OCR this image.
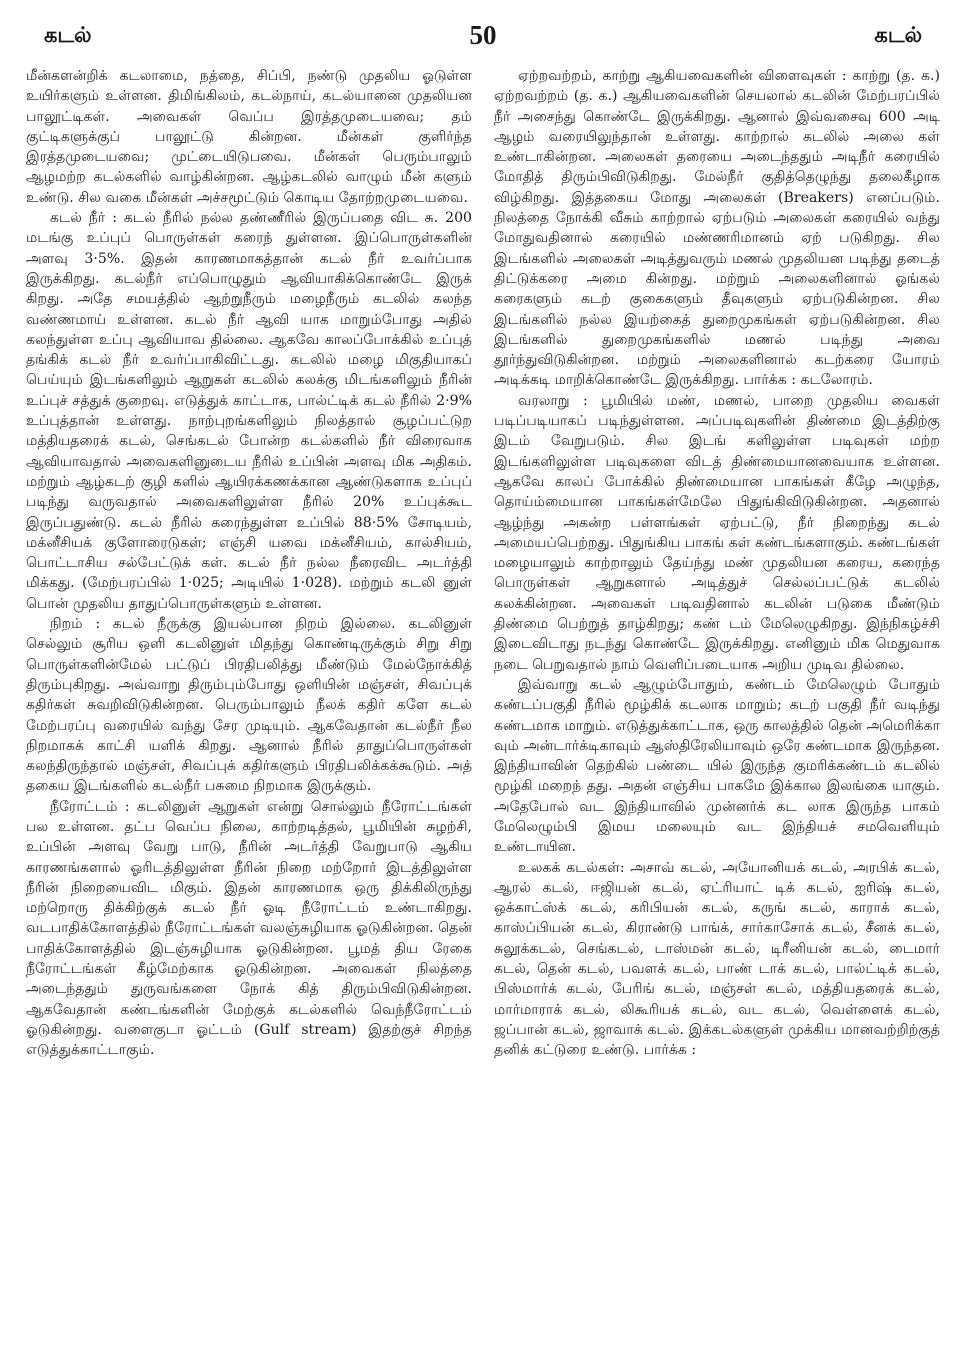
கடல்	50	கடல்

மீன்களன்றிக் கடலாமை, நத்தை, சிப்பி, நண்டு முதலிய ஓடுள்ள உயிர்களும் உள்ளன. திமிங்கிலம், கடல்நாய், கடல்யானை முதலியன பாலூட்டிகள். அவைகள் வெப்ப இரத்தமுடையவை; தம் குட்டிகளுக்குப் பாலூட்டு கின்றன. மீன்கள் குளிர்ந்த இரத்தமுடையவை; முட்டையிடுபவை. மீன்கள் பெரும்பாலும் ஆழமற்ற கடல்களில் வாழ்கின்றன. ஆழ்கடலில் வாழும் மீன் களும் உண்டு. சில வகை மீன்கள் அச்சமூட்டும் கொடிய தோற்றமுடையவை.

கடல் நீர் : கடல் நீரில் நல்ல தண்ணீரில் இருப்பதை விட சு. 200 மடங்கு உப்புப் பொருள்கள் கரைந் துள்ளன. இப்பொருள்களின் அளவு 3·5%. இதன் காரணமாகத்தான் கடல் நீர் உவர்ப்பாக இருக்கிறது. கடல்நீர் எப்பொழுதும் ஆவியாகிக்கொண்டே இருக் கிறது. அதே சமயத்தில் ஆற்றுநீரும் மழைநீரும் கடலில் கலந்த வண்ணமாய் உள்ளன. கடல் நீர் ஆவி யாக மாறும்போது அதில் கலந்துள்ள உப்பு ஆவியாவ தில்லை. ஆகவே காலப்போக்கில் உப்புத் தங்கிக் கடல் நீர் உவர்ப்பாகிவிட்டது. கடலில் மழை மிகுதியாகப் பெய்யும் இடங்களிலும் ஆறுகள் கடலில் கலக்கு மிடங்களிலும் நீரின் உப்புச் சத்துக் குறைவு. எடுத்துக் காட்டாக, பால்ட்டிக் கடல் நீரில் 2·9% உப்புத்தான் உள்ளது. நாற்புறங்களிலும் நிலத்தால் சூழப்பட்டுற மத்தியதரைக் கடல், செங்கடல் போன்ற கடல்களில் நீர் விரைவாக ஆவியாவதால் அவைகளினுடைய நீரில் உப்பின் அளவு மிக அதிகம். மற்றும் ஆழ்கடற் குழி களில் ஆயிரக்கணக்கான ஆண்டுகளாக உப்புப் படிந்து வருவதால் அவைகளிலுள்ள நீரில் 20% உப்புக்கூட இருப்பதுண்டு. கடல் நீரில் கரைந்துள்ள உப்பில் 88·5% சோடியம், மக்னீசியக் குளோரைடுகள்; எஞ்சி யவை மக்னீசியம், கால்சியம், பொட்டாசிய சல்பேட்டுக் கள். கடல் நீர் நல்ல நீரைவிட அடர்த்தி மிக்கது. (மேற்பரப்பில் 1·025; அடியில் 1·028). மற்றும் கடலி னுள் பொன் முதலிய தாதுப்பொருள்களும் உள்ளன.

நிறம் : கடல் நீருக்கு இயல்பான நிறம் இல்லை. கடலினுள் செல்லும் சூரிய ஒளி கடலினுள் மிதந்து கொண்டிருக்கும் சிறு சிறு பொருள்களின்மேல் பட்டுப் பிரதிபலித்து மீண்டும் மேல்நோக்கித் திரும்புகிறது. அவ்வாறு திரும்பும்போது ஒளியின் மஞ்சள், சிவப்புக் கதிர்கள் சுவறிவிடுகின்றன. பெரும்பாலும் நீலக் கதிர் களே கடல் மேற்பரப்பு வரையில் வந்து சேர முடியும். ஆகவேதான் கடல்நீர் நீல நிறமாகக் காட்சி யளிக் கிறது. ஆனால் நீரில் தாதுப்பொருள்கள் கலந்திருந்தால் மஞ்சள், சிவப்புக் கதிர்களும் பிரதிபலிக்கக்கூடும். அத் தகைய இடங்களில் கடல்நீர் பசுமை நிறமாக இருக்கும்.

நீரோட்டம் : கடலினுள் ஆறுகள் என்று சொல்லும் நீரோட்டங்கள் பல உள்ளன. தட்ப வெப்ப நிலை, காற்றடித்தல், பூமியின் சுழற்சி, உப்பின் அளவு வேறு பாடு, நீரின் அடர்த்தி வேறுபாடு ஆகிய காரணங்களால் ஓரிடத்திலுள்ள நீரின் நிறை மற்றோர் இடத்திலுள்ள நீரின் நிறையைவிட மிகும். இதன் காரணமாக ஒரு திக்கிலிருந்து மற்றொரு திக்கிற்குக் கடல் நீர் ஓடி நீரோட்டம் உண்டாகிறது. வடபாதிக்கோளத்தில் நீரோட்டங்கள் வலஞ்சுழியாக ஓடுகின்றன. தென் பாதிக்கோளத்தில் இடஞ்சுழியாக ஓடுகின்றன. பூமத் திய ரேகை நீரோட்டங்கள் கீழ்மேற்காக ஓடுகின்றன. அவைகள் நிலத்தை அடைந்ததும் துருவங்களை நோக் கித் திரும்பிவிடுகின்றன. ஆகவேதான் கண்டங்களின் மேற்குக் கடல்களில் வெந்நீரோட்டம் ஓடுகின்றது. வளைகுடா ஓட்டம் (Gulf stream) இதற்குச் சிறந்த எடுத்துக்காட்டாகும்.

ஏற்றவற்றம், காற்று ஆகியவைகளின் விளைவுகள் : காற்று (த. க.) ஏற்றவற்றம் (த. க.) ஆகியவைகளின் செயலால் கடலின் மேற்பரப்பில் நீர் அசைந்து கொண்டே இருக்கிறது. ஆனால் இவ்வசைவு 600 அடி ஆழம் வரையிலுந்தான் உள்ளது. காற்றால் கடலில் அலை கள் உண்டாகின்றன. அலைகள் தரையை அடைந்ததும் அடிநீர் கரையில் மோதித் திரும்பிவிடுகிறது. மேல்நீர் குதித்தெழுந்து தலைகீழாக விழ்கிறது. இத்தகைய மோது அலைகள் (Breakers) எனப்படும். நிலத்தை நோக்கி வீசும் காற்றால் ஏற்படும் அலைகள் கரையில் வந்து மோதுவதினால் கரையில் மண்ணரிமானம் ஏற் படுகிறது. சில இடங்களில் அலைகள் அடித்துவரும் மணல் முதலியன படிந்து தடைத் திட்டுக்கரை அமை கின்றது. மற்றும் அலைகளினால் ஓங்கல் கரைகளும் கடற் குகைகளும் தீவுகளும் ஏற்படுகின்றன. சில இடங்களில் நல்ல இயற்கைத் துறைமுகங்கள் ஏற்படுகின்றன. சில இடங்களில் துறைமுகங்களில் மணல் படிந்து அவை தூர்ந்துவிடுகின்றன. மற்றும் அலைகளினால் கடற்கரை யோரம் அடிக்கடி மாறிக்கொண்டே இருக்கிறது. பார்க்க : கடலோரம்.

வரலாறு : பூமியில் மண், மணல், பாறை முதலிய வைகள் படிப்படியாகப் படிந்துள்ளன. அப்படிவுகளின் திண்மை இடத்திற்கு இடம் வேறுபடும். சில இடங் களிலுள்ள படிவுகள் மற்ற இடங்களிலுள்ள படிவுகளை விடத் திண்மையானவையாக உள்ளன. ஆகவே காலப் போக்கில் திண்மையான பாகங்கள் கீழே அழுந்த, தொய்ம்மையான பாகங்கள்மேலே பிதுங்கிவிடுகின்றன. அதனால் ஆழ்ந்து அகன்ற பள்ளங்கள் ஏற்பட்டு, நீர் நிறைந்து கடல் அமையப்பெற்றது. பிதுங்கிய பாகங் கள் கண்டங்களாகும். கண்டங்கள் மழையாலும் காற்றாலும் தேய்ந்து மண் முதலியன கரைய, கரைந்த பொருள்கள் ஆறுகளால் அடித்துச் செல்லப்பட்டுக் கடலில் கலக்கின்றன. அவைகள் படிவதினால் கடலின் படுகை மீண்டும் திண்மை பெற்றுத் தாழ்கிறது; கண் டம் மேலெழுகிறது. இந்நிகழ்ச்சி இடைவிடாது நடந்து கொண்டே இருக்கிறது. எனினும் மிக மெதுவாக நடை பெறுவதால் நாம் வெளிப்படையாக அறிய முடிவ தில்லை.

இவ்வாறு கடல் ஆழும்போதும், கண்டம் மேலெழும் போதும் கண்டப்பகுதி நீரில் மூழ்கிக் கடலாக மாறும்; கடற் பகுதி நீர் வடிந்து கண்டமாக மாறும். எடுத்துக்காட்டாக, ஒரு காலத்தில் தென் அமெரிக்கா வும் அன்டார்க்டிகாவும் ஆஸ்திரேலியாவும் ஒரே கண்டமாக இருந்தன. இந்தியாவின் தெற்கில் பண்டை யில் இருந்த குமரிக்கண்டம் கடலில் மூழ்கி மறைந் தது. அதன் எஞ்சிய பாகமே இக்கால இலங்கை யாகும். அதேபோல் வட இந்தியாவில் முன்னர்க் கட லாக இருந்த பாகம் மேலெழும்பி இமய மலையும் வட இந்தியச் சமவெளியும் உண்டாயின.

உலகக் கடல்கள்: அசாவ் கடல், அயோனியக் கடல், அரபிக் கடல், ஆரல் கடல், ஈஜியன் கடல், ஏட்ரியாட் டிக் கடல், ஐரிஷ் கடல், ஒக்காட்ஸ்க் கடல், கரிபியன் கடல், கருங் கடல், காராக் கடல், காஸ்ப்பியன் கடல், கிராண்டு பாங்க், சார்காசோக் கடல், சீனக் கடல், சுலூக்கடல், செங்கடல், டாஸ்மன் கடல், டிரீனியன் கடல், டைமார் கடல், தென் கடல், பவளக் கடல், பாண் டாக் கடல், பால்ட்டிக் கடல், பிஸ்மார்க் கடல், பேரிங் கடல், மஞ்சள் கடல், மத்தியதரைக் கடல், மார்மாராக் கடல், லிகூரியக் கடல், வட கடல், வெள்ளைக் கடல், ஜப்பான் கடல், ஜாவாக் கடல். இக்கடல்களுள் முக்கிய மானவற்றிற்குத் தனிக் கட்டுரை உண்டு. பார்க்க :
